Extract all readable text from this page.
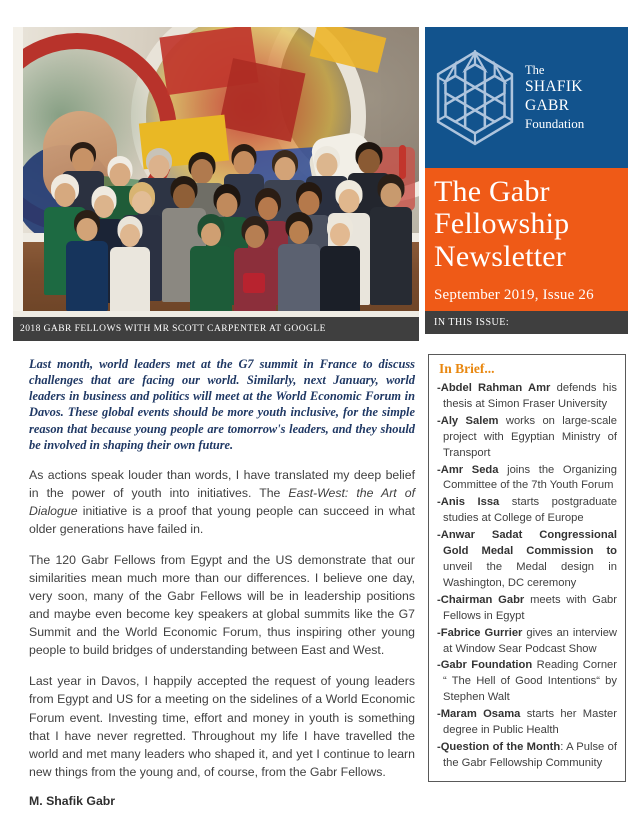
2018 GABR FELLOWS WITH MR SCOTT CARPENTER AT GOOGLE
The
SHAFIK GABR
Foundation
The Gabr
Fellowship
Newsletter
September 2019, Issue 26
IN THIS ISSUE:

Last month, world leaders met at the G7 summit in France to discuss challenges that are facing our world. Similarly, next January, world leaders in business and politics will meet at the World Economic Forum in Davos. These global events should be more youth inclusive, for the simple reason that because young people are tomorrow's leaders, and they should be involved in shaping their own future.

As actions speak louder than words, I have translated my deep belief in the power of youth into initiatives. The East-West: the Art of Dialogue initiative is a proof that young people can succeed in what older generations have failed in.

The 120 Gabr Fellows from Egypt and the US demonstrate that our similarities mean much more than our differences. I believe one day, very soon, many of the Gabr Fellows will be in leadership positions and maybe even become key speakers at global summits like the G7 Summit and the World Economic Forum, thus inspiring other young people to build bridges of understanding between East and West.

Last year in Davos, I happily accepted the request of young leaders from Egypt and US for a meeting on the sidelines of a World Economic Forum event. Investing time, effort and money in youth is something that I have never regretted. Throughout my life I have travelled the world and met many leaders who shaped it, and yet I continue to learn new things from the young and, of course, from the Gabr Fellows.

M. Shafik Gabr
In Brief...
-Abdel Rahman Amr defends his thesis at Simon Fraser University
-Aly Salem works on large-scale project with Egyptian Ministry of Transport
-Amr Seda joins the Organizing Committee of the 7th Youth Forum
-Anis Issa starts postgraduate studies at College of Europe
-Anwar Sadat Congressional Gold Medal Commission to unveil the Medal design in Washington, DC ceremony
-Chairman Gabr meets with Gabr Fellows in Egypt
-Fabrice Gurrier gives an interview at Window Sear Podcast Show
-Gabr Foundation Reading Corner “ The Hell of Good Intentions“ by Stephen Walt
-Maram Osama starts her Master degree in Public Health
-Question of the Month: A Pulse of the Gabr Fellowship Community
